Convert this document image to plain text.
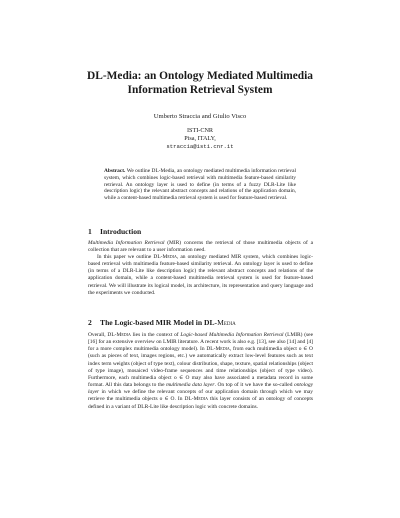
DL-Media: an Ontology Mediated Multimedia
Information Retrieval System
Umberto Straccia and Giulio Visco
ISTI-CNR
Pisa, ITALY,
straccia@isti.cnr.it
Abstract. We outline DL-Media, an ontology mediated multimedia information retrieval system, which combines logic-based retrieval with multimedia feature-based similarity retrieval. An ontology layer is used to define (in terms of a fuzzy DLR-Lite like description logic) the relevant abstract concepts and relations of the application domain, while a content-based multimedia retrieval system is used for feature-based retrieval.
1 Introduction
Multimedia Information Retrieval (MIR) concerns the retrieval of those multimedia objects of a collection that are relevant to a user information need.
In this paper we outline DL-Media, an ontology mediated MIR system, which combines logic-based retrieval with multimedia feature-based similarity retrieval. An ontology layer is used to define (in terms of a DLR-Lite like description logic) the relevant abstract concepts and relations of the application domain, while a content-based multimedia retrieval system is used for feature-based retrieval. We will illustrate its logical model, its architecture, its representation and query language and the experiments we conducted.
2 The Logic-based MIR Model in DL-Media
Overall, DL-Media lies in the context of Logic-based Multimedia Information Retrieval (LMIR) (see [16] for an extensive overview on LMIR literature. A recent work is also e.g. [13], see also [14] and [4] for a more complex multimedia ontology model). In DL-Media, from each multimedia object o ∈ O (such as pieces of text, images regions, etc.) we automatically extract low-level features such as text index term weights (object of type text), colour distribution, shape, texture, spatial relationships (object of type image), mosaiced video-frame sequences and time relationships (object of type video). Furthermore, each multimedia object o ∈ O may also have associated a metadata record in some format. All this data belongs to the multimedia data layer. On top of it we have the so-called ontology layer in which we define the relevant concepts of our application domain through which we may retrieve the multimedia objects o ∈ O. In DL-Media this layer consists of an ontology of concepts defined in a variant of DLR-Lite like description logic with concrete domains.
